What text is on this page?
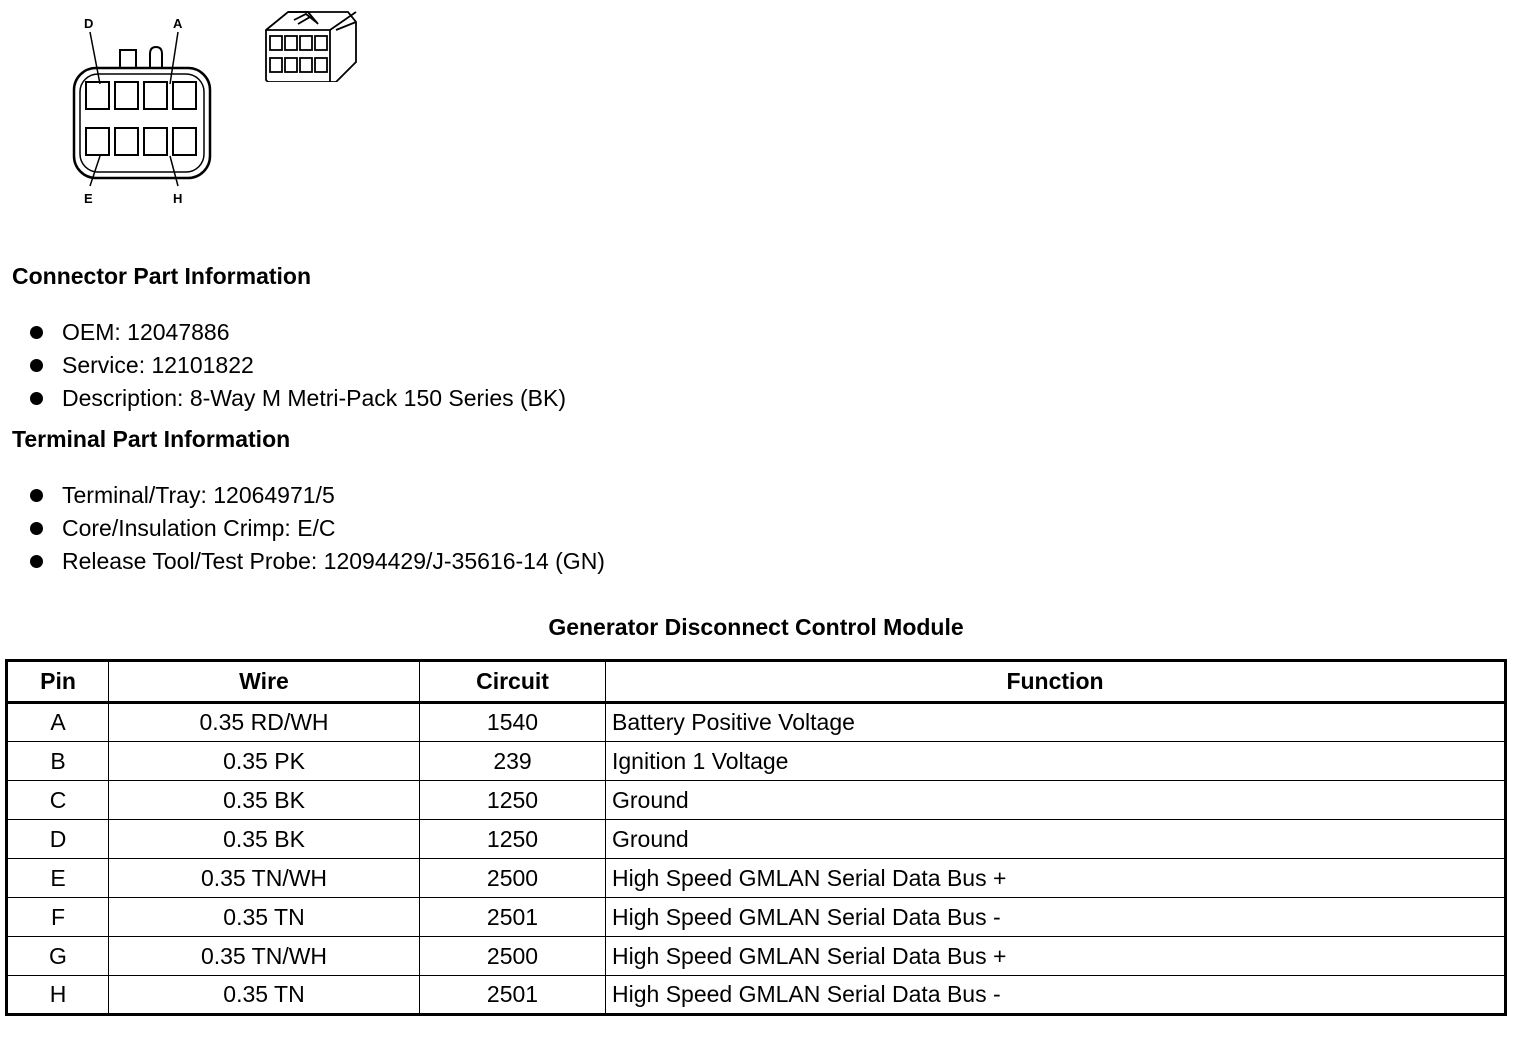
D	A
E	H
Connector Part Information
OEM: 12047886
Service: 12101822
Description: 8-Way M Metri-Pack 150 Series (BK)
Terminal Part Information
Terminal/Tray: 12064971/5
Core/Insulation Crimp: E/C
Release Tool/Test Probe: 12094429/J-35616-14 (GN)
Generator Disconnect Control Module
Pin	Wire	Circuit	Function
A	0.35 RD/WH	1540	Battery Positive Voltage
B	0.35 PK	239	Ignition 1 Voltage
C	0.35 BK	1250	Ground
D	0.35 BK	1250	Ground
E	0.35 TN/WH	2500	High Speed GMLAN Serial Data Bus +
F	0.35 TN	2501	High Speed GMLAN Serial Data Bus -
G	0.35 TN/WH	2500	High Speed GMLAN Serial Data Bus +
H	0.35 TN	2501	High Speed GMLAN Serial Data Bus -
